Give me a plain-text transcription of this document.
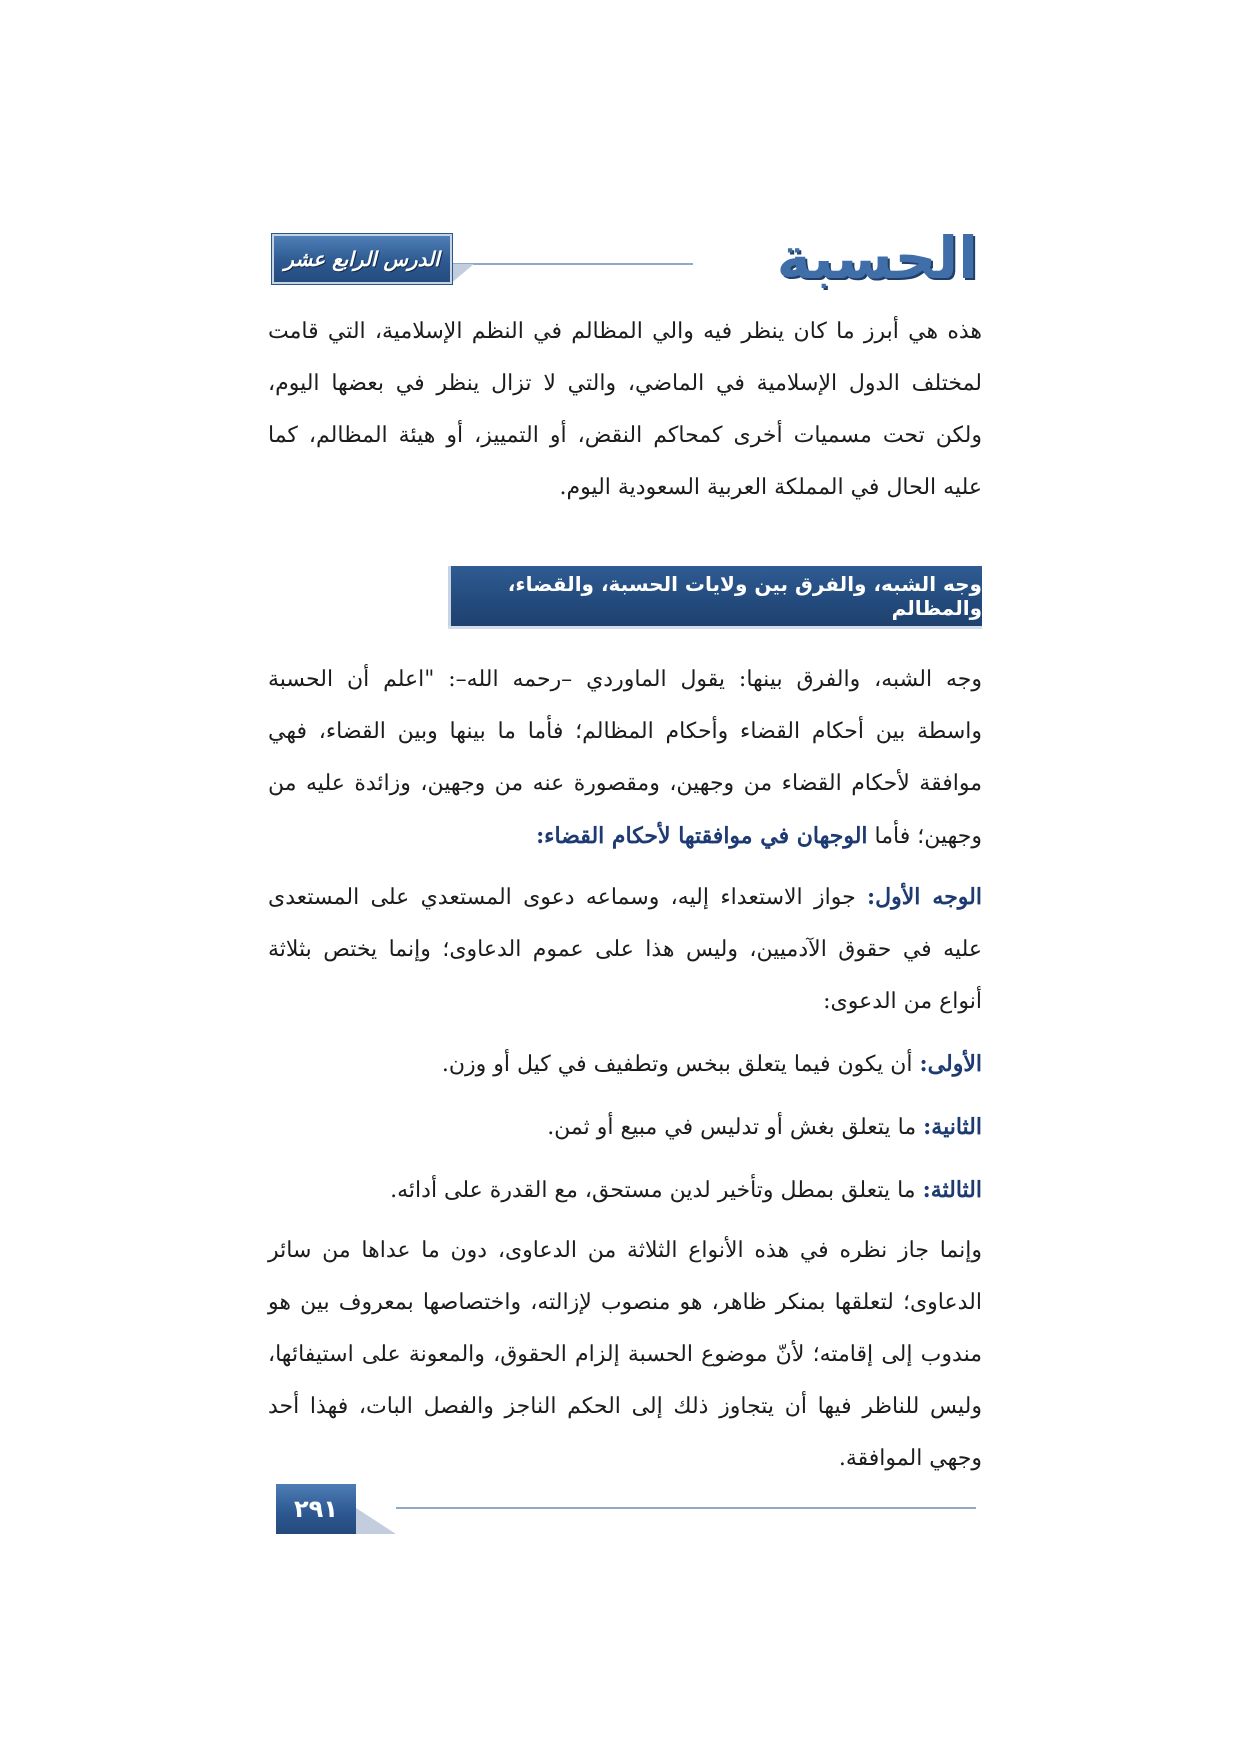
الحسبة
الدرس الرابع عشر

هذه هي أبرز ما كان ينظر فيه والي المظالم في النظم الإسلامية، التي قامت لمختلف الدول الإسلامية في الماضي، والتي لا تزال ينظر في بعضها اليوم، ولكن تحت مسميات أخرى كمحاكم النقض، أو التمييز، أو هيئة المظالم، كما عليه الحال في المملكة العربية السعودية اليوم.

وجه الشبه، والفرق بين ولايات الحسبة، والقضاء، والمظالم

وجه الشبه، والفرق بينها: يقول الماوردي –رحمه الله–: "اعلم أن الحسبة واسطة بين أحكام القضاء وأحكام المظالم؛ فأما ما بينها وبين القضاء، فهي موافقة لأحكام القضاء من وجهين، ومقصورة عنه من وجهين، وزائدة عليه من وجهين؛ فأما الوجهان في موافقتها لأحكام القضاء:

الوجه الأول: جواز الاستعداء إليه، وسماعه دعوى المستعدي على المستعدى عليه في حقوق الآدميين، وليس هذا على عموم الدعاوى؛ وإنما يختص بثلاثة أنواع من الدعوى:

الأولى: أن يكون فيما يتعلق ببخس وتطفيف في كيل أو وزن.

الثانية: ما يتعلق بغش أو تدليس في مبيع أو ثمن.

الثالثة: ما يتعلق بمطل وتأخير لدين مستحق، مع القدرة على أدائه.

وإنما جاز نظره في هذه الأنواع الثلاثة من الدعاوى، دون ما عداها من سائر الدعاوى؛ لتعلقها بمنكر ظاهر، هو منصوب لإزالته، واختصاصها بمعروف بين هو مندوب إلى إقامته؛ لأنّ موضوع الحسبة إلزام الحقوق، والمعونة على استيفائها، وليس للناظر فيها أن يتجاوز ذلك إلى الحكم الناجز والفصل البات، فهذا أحد وجهي الموافقة.

٢٩١
